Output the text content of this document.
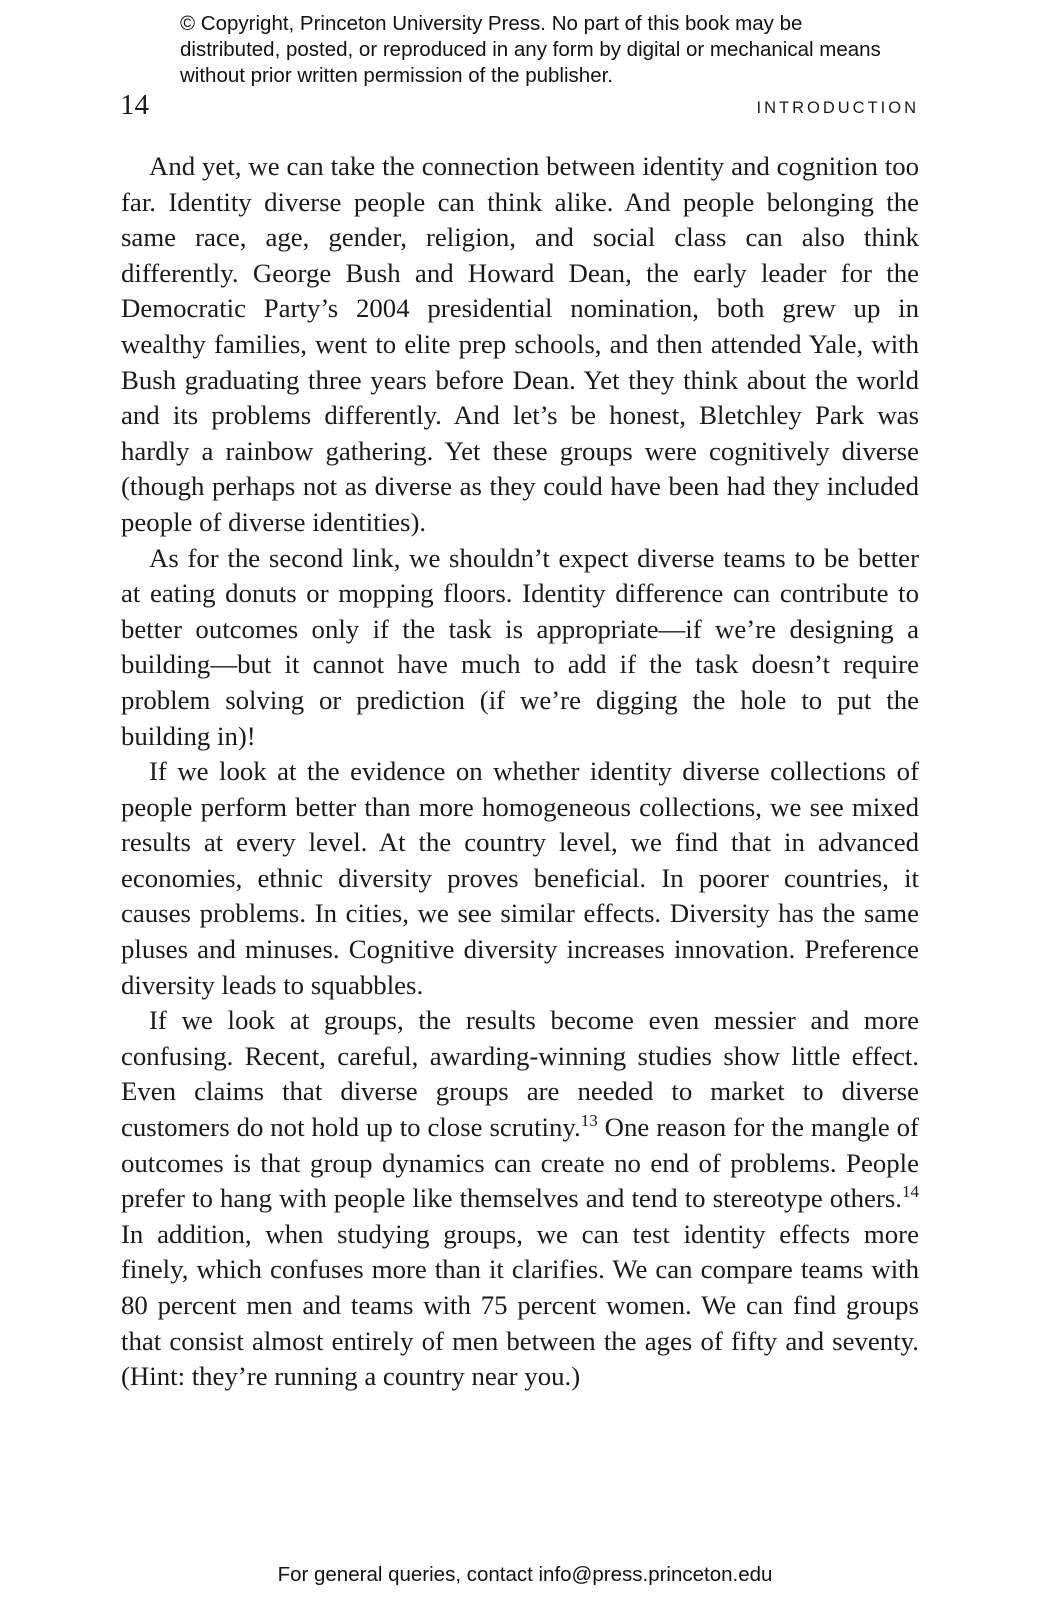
© Copyright, Princeton University Press. No part of this book may be distributed, posted, or reproduced in any form by digital or mechanical means without prior written permission of the publisher.

14	INTRODUCTION

And yet, we can take the connection between identity and cognition too far. Identity diverse people can think alike. And people belonging the same race, age, gender, religion, and social class can also think differently. George Bush and Howard Dean, the early leader for the Democratic Party’s 2004 presidential nomination, both grew up in wealthy families, went to elite prep schools, and then attended Yale, with Bush graduating three years before Dean. Yet they think about the world and its problems differently. And let’s be honest, Bletchley Park was hardly a rainbow gathering. Yet these groups were cognitively diverse (though perhaps not as diverse as they could have been had they included people of diverse identities).

As for the second link, we shouldn’t expect diverse teams to be better at eating donuts or mopping floors. Identity difference can contribute to better outcomes only if the task is appropriate—if we’re designing a building—but it cannot have much to add if the task doesn’t require problem solving or prediction (if we’re digging the hole to put the building in)!

If we look at the evidence on whether identity diverse collections of people perform better than more homogeneous collections, we see mixed results at every level. At the country level, we find that in advanced economies, ethnic diversity proves beneficial. In poorer countries, it causes problems. In cities, we see similar effects. Diversity has the same pluses and minuses. Cognitive diversity increases innovation. Preference diversity leads to squabbles.

If we look at groups, the results become even messier and more confusing. Recent, careful, awarding-winning studies show little effect. Even claims that diverse groups are needed to market to diverse customers do not hold up to close scrutiny.$^{13}$ One reason for the mangle of outcomes is that group dynamics can create no end of problems. People prefer to hang with people like themselves and tend to stereotype others.$^{14}$ In addition, when studying groups, we can test identity effects more finely, which confuses more than it clarifies. We can compare teams with 80 percent men and teams with 75 percent women. We can find groups that consist almost entirely of men between the ages of fifty and seventy. (Hint: they’re running a country near you.)

For general queries, contact info@press.princeton.edu
